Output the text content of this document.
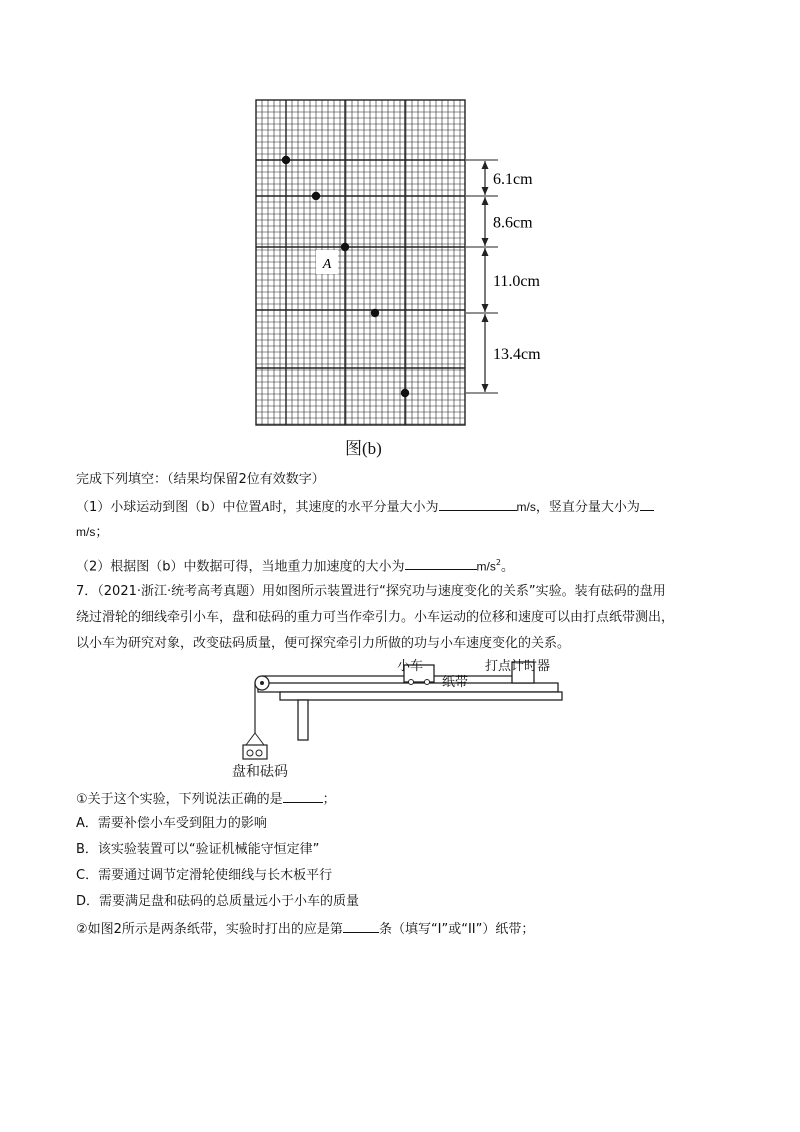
A
6.1cm
8.6cm
11.0cm
13.4cm
图(b)
完成下列填空：（结果均保留2位有效数字）
（1）小球运动到图（b）中位置A时，其速度的水平分量大小为	m/s，竖直分量大小为
m/s；
（2）根据图（b）中数据可得，当地重力加速度的大小为	$m/s^2$。
7．（2021·浙江·统考高考真题）用如图所示装置进行“探究功与速度变化的关系”实验。装有砝码的盘用
绕过滑轮的细线牵引小车，盘和砝码的重力可当作牵引力。小车运动的位移和速度可以由打点纸带测出，
以小车为研究对象，改变砝码质量，便可探究牵引力所做的功与小车速度变化的关系。
小车
纸带
打点计时器
盘和砝码
①关于这个实验，下列说法正确的是	；
A．需要补偿小车受到阻力的影响
B．该实验装置可以“验证机械能守恒定律”
C．需要通过调节定滑轮使细线与长木板平行
D．需要满足盘和砝码的总质量远小于小车的质量
②如图2所示是两条纸带，实验时打出的应是第	条（填写“I”或“II”）纸带；
